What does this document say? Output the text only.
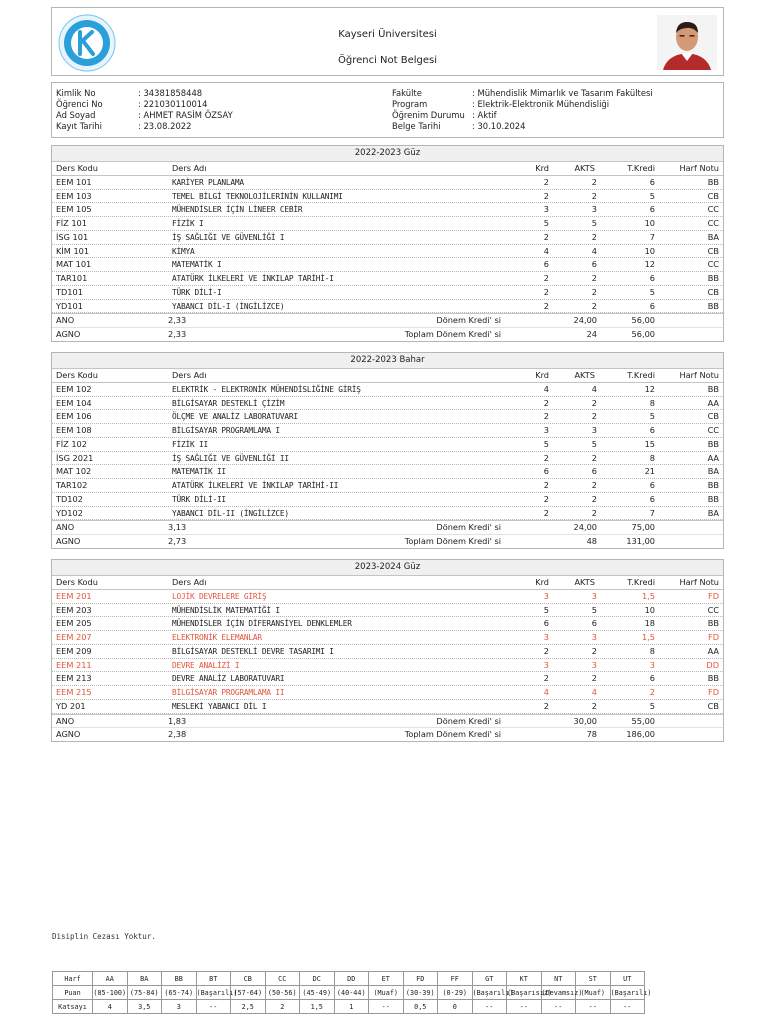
Kayseri Üniversitesi
Öğrenci Not Belgesi
Kimlik No	: 34381858448
Öğrenci No	: 221030110014
Ad Soyad	: AHMET RASİM ÖZSAY
Kayıt Tarihi	: 23.08.2022
Fakülte	: Mühendislik Mimarlık ve Tasarım Fakültesi
Program	: Elektrik-Elektronik Mühendisliği
Öğrenim Durumu : Aktif
Belge Tarihi	: 30.10.2024
2022-2023 Güz
Ders Kodu	Ders Adı	Krd	AKTS	T.Kredi	Harf Notu
EEM 101	KARİYER PLANLAMA	2	2	6	BB
EEM 103	TEMEL BİLGİ TEKNOLOJİLERİNİN KULLANIMI	2	2	5	CB
EEM 105	MÜHENDİSLER İÇİN LİNEER CEBİR	3	3	6	CC
FİZ 101	FİZİK I	5	5	10	CC
İSG 101	İŞ SAĞLIĞI VE GÜVENLİĞİ I	2	2	7	BA
KİM 101	KİMYA	4	4	10	CB
MAT 101	MATEMATİK I	6	6	12	CC
TAR101	ATATÜRK İLKELERİ VE İNKILAP TARİHİ-I	2	2	6	BB
TD101	TÜRK DİLİ-I	2	2	5	CB
YD101	YABANCI DİL-I (İNGİLİZCE)	2	2	6	BB
ANO	2,33	Dönem Kredi' si	24,00	56,00
AGNO	2,33	Toplam Dönem Kredi' si	24	56,00
2022-2023 Bahar
Ders Kodu	Ders Adı	Krd	AKTS	T.Kredi	Harf Notu
EEM 102	ELEKTRİK - ELEKTRONİK MÜHENDİSLİĞİNE GİRİŞ	4	4	12	BB
EEM 104	BİLGİSAYAR DESTEKLİ ÇİZİM	2	2	8	AA
EEM 106	ÖLÇME VE ANALİZ LABORATUVARI	2	2	5	CB
EEM 108	BİLGİSAYAR PROGRAMLAMA I	3	3	6	CC
FİZ 102	FİZİK II	5	5	15	BB
İSG 2021	İŞ SAĞLIĞI VE GÜVENLİĞİ II	2	2	8	AA
MAT 102	MATEMATİK II	6	6	21	BA
TAR102	ATATÜRK İLKELERİ VE İNKILAP TARİHİ-II	2	2	6	BB
TD102	TÜRK DİLİ-II	2	2	6	BB
YD102	YABANCI DİL-II (İNGİLİZCE)	2	2	7	BA
ANO	3,13	Dönem Kredi' si	24,00	75,00
AGNO	2,73	Toplam Dönem Kredi' si	48	131,00
2023-2024 Güz
Ders Kodu	Ders Adı	Krd	AKTS	T.Kredi	Harf Notu
EEM 201	LOJİK DEVRELERE GİRİŞ	3	3	1,5	FD
EEM 203	MÜHENDİSLİK MATEMATİĞİ I	5	5	10	CC
EEM 205	MÜHENDİSLER İÇİN DİFERANSİYEL DENKLEMLER	6	6	18	BB
EEM 207	ELEKTRONİK ELEMANLAR	3	3	1,5	FD
EEM 209	BİLGİSAYAR DESTEKLİ DEVRE TASARIMI I	2	2	8	AA
EEM 211	DEVRE ANALİZİ I	3	3	3	DD
EEM 213	DEVRE ANALİZ LABORATUVARI	2	2	6	BB
EEM 215	BİLGİSAYAR PROGRAMLAMA II	4	4	2	FD
YD 201	MESLEKİ YABANCI DİL I	2	2	5	CB
ANO	1,83	Dönem Kredi' si	30,00	55,00
AGNO	2,38	Toplam Dönem Kredi' si	78	186,00
Disiplin Cezası Yoktur.
Harf	AA	BA	BB	BT	CB	CC	DC	DD	ET	FD	FF	GT	KT	NT	ST	UT
Puan	(85-100)	(75-84)	(65-74)	(Başarılı)	(57-64)	(50-56)	(45-49)	(40-44)	(Muaf)	(30-39)	(0-29)	(Başarılı)	(Başarısız)	(Devamsız)	(Muaf)	(Başarılı)
Katsayı	4	3,5	3	--	2,5	2	1,5	1	--	0,5	0	--	--	--	--	--
